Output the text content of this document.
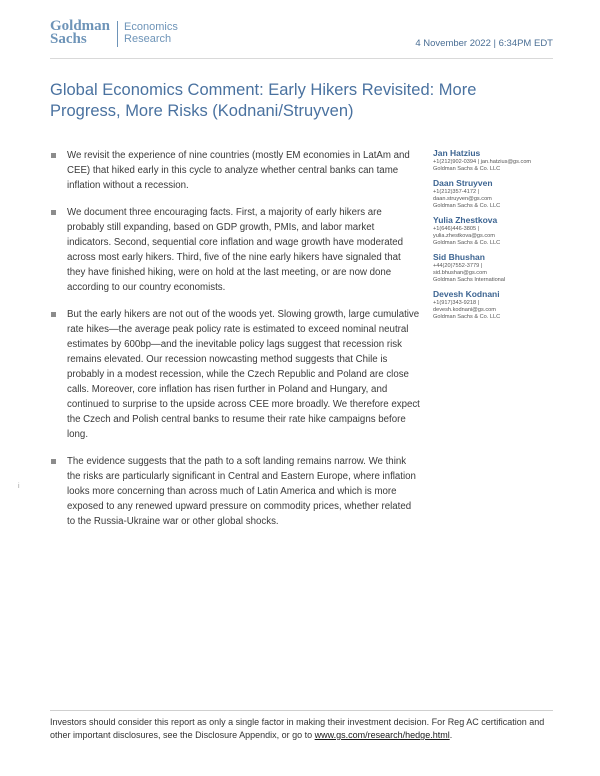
Goldman
Sachs
Economics
Research	4 November 2022 | 6:34PM EDT
Global Economics Comment: Early Hikers Revisited: More Progress, More Risks (Kodnani/Struyven)
We revisit the experience of nine countries (mostly EM economies in LatAm and CEE) that hiked early in this cycle to analyze whether central banks can tame inflation without a recession.
We document three encouraging facts. First, a majority of early hikers are probably still expanding, based on GDP growth, PMIs, and labor market indicators. Second, sequential core inflation and wage growth have moderated across most early hikers. Third, five of the nine early hikers have signaled that they have finished hiking, were on hold at the last meeting, or are now done according to our country economists.
But the early hikers are not out of the woods yet. Slowing growth, large cumulative rate hikes—the average peak policy rate is estimated to exceed nominal neutral estimates by 600bp—and the inevitable policy lags suggest that recession risk remains elevated. Our recession nowcasting method suggests that Chile is probably in a modest recession, while the Czech Republic and Poland are close calls. Moreover, core inflation has risen further in Poland and Hungary, and continued to surprise to the upside across CEE more broadly. We therefore expect the Czech and Polish central banks to resume their rate hike campaigns before long.
The evidence suggests that the path to a soft landing remains narrow. We think the risks are particularly significant in Central and Eastern Europe, where inflation looks more concerning than across much of Latin America and which is more exposed to any renewed upward pressure on commodity prices, whether related to the Russia-Ukraine war or other global shocks.
Jan Hatzius
+1(212)902-0394 | jan.hatzius@gs.com
Goldman Sachs & Co. LLC
Daan Struyven
+1(212)357-4172 |
daan.struyven@gs.com
Goldman Sachs & Co. LLC
Yulia Zhestkova
+1(646)446-3805 |
yulia.zhestkova@gs.com
Goldman Sachs & Co. LLC
Sid Bhushan
+44(20)7552-3779 |
sid.bhushan@gs.com
Goldman Sachs International
Devesh Kodnani
+1(917)343-9218 |
devesh.kodnani@gs.com
Goldman Sachs & Co. LLC
i

Investors should consider this report as only a single factor in making their investment decision. For Reg AC certification and other important disclosures, see the Disclosure Appendix, or go to www.gs.com/research/hedge.html.
